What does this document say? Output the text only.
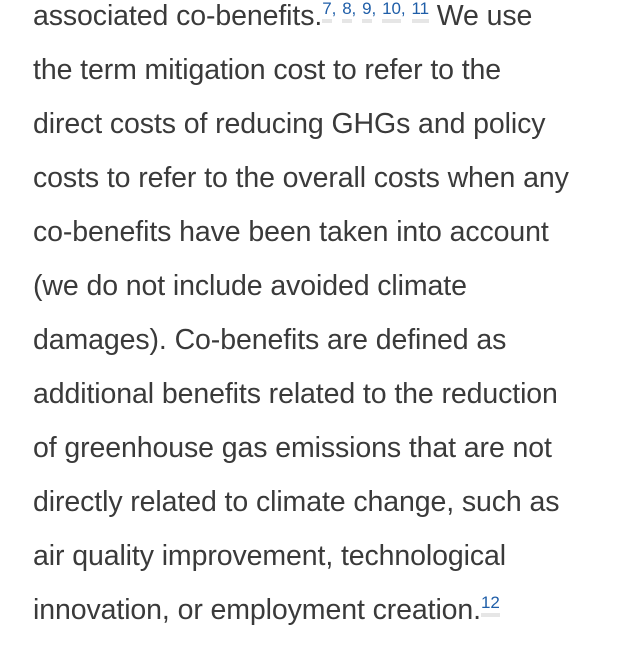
associated co-benefits.$^{7, 8, 9, 10, 11}$ We use
the term mitigation cost to refer to the
direct costs of reducing GHGs and policy
costs to refer to the overall costs when any
co-benefits have been taken into account
(we do not include avoided climate
damages). Co-benefits are defined as
additional benefits related to the reduction
of greenhouse gas emissions that are not
directly related to climate change, such as
air quality improvement, technological
innovation, or employment creation.$^{12}$
